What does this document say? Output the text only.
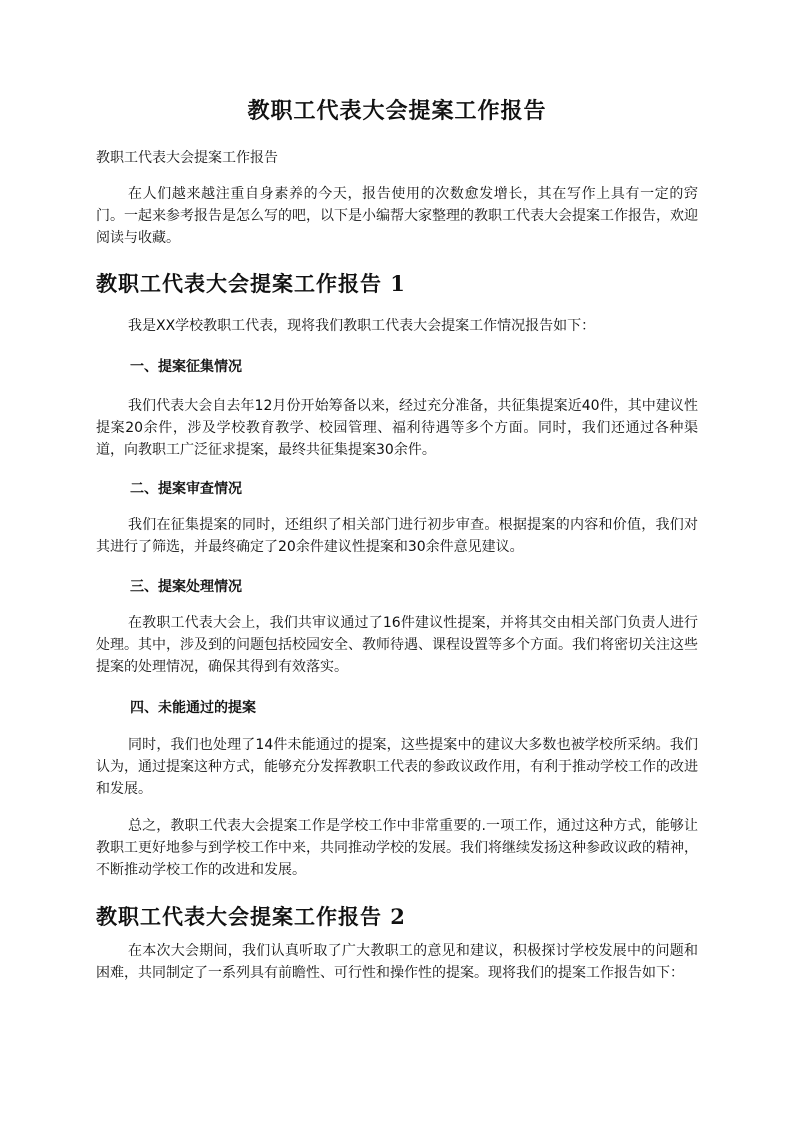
教职工代表大会提案工作报告
教职工代表大会提案工作报告

在人们越来越注重自身素养的今天，报告使用的次数愈发增长，其在写作上具有一定的窍门。一起来参考报告是怎么写的吧，以下是小编帮大家整理的教职工代表大会提案工作报告，欢迎阅读与收藏。

教职工代表大会提案工作报告 1

我是XX学校教职工代表，现将我们教职工代表大会提案工作情况报告如下：

一、提案征集情况

我们代表大会自去年12月份开始筹备以来，经过充分准备，共征集提案近40件，其中建议性提案20余件，涉及学校教育教学、校园管理、福利待遇等多个方面。同时，我们还通过各种渠道，向教职工广泛征求提案，最终共征集提案30余件。

二、提案审查情况

我们在征集提案的同时，还组织了相关部门进行初步审查。根据提案的内容和价值，我们对其进行了筛选，并最终确定了20余件建议性提案和30余件意见建议。

三、提案处理情况

在教职工代表大会上，我们共审议通过了16件建议性提案，并将其交由相关部门负责人进行处理。其中，涉及到的问题包括校园安全、教师待遇、课程设置等多个方面。我们将密切关注这些提案的处理情况，确保其得到有效落实。

四、未能通过的提案

同时，我们也处理了14件未能通过的提案，这些提案中的建议大多数也被学校所采纳。我们认为，通过提案这种方式，能够充分发挥教职工代表的参政议政作用，有利于推动学校工作的改进和发展。

总之，教职工代表大会提案工作是学校工作中非常重要的.一项工作，通过这种方式，能够让教职工更好地参与到学校工作中来，共同推动学校的发展。我们将继续发扬这种参政议政的精神，不断推动学校工作的改进和发展。

教职工代表大会提案工作报告 2

在本次大会期间，我们认真听取了广大教职工的意见和建议，积极探讨学校发展中的问题和困难，共同制定了一系列具有前瞻性、可行性和操作性的提案。现将我们的提案工作报告如下：
